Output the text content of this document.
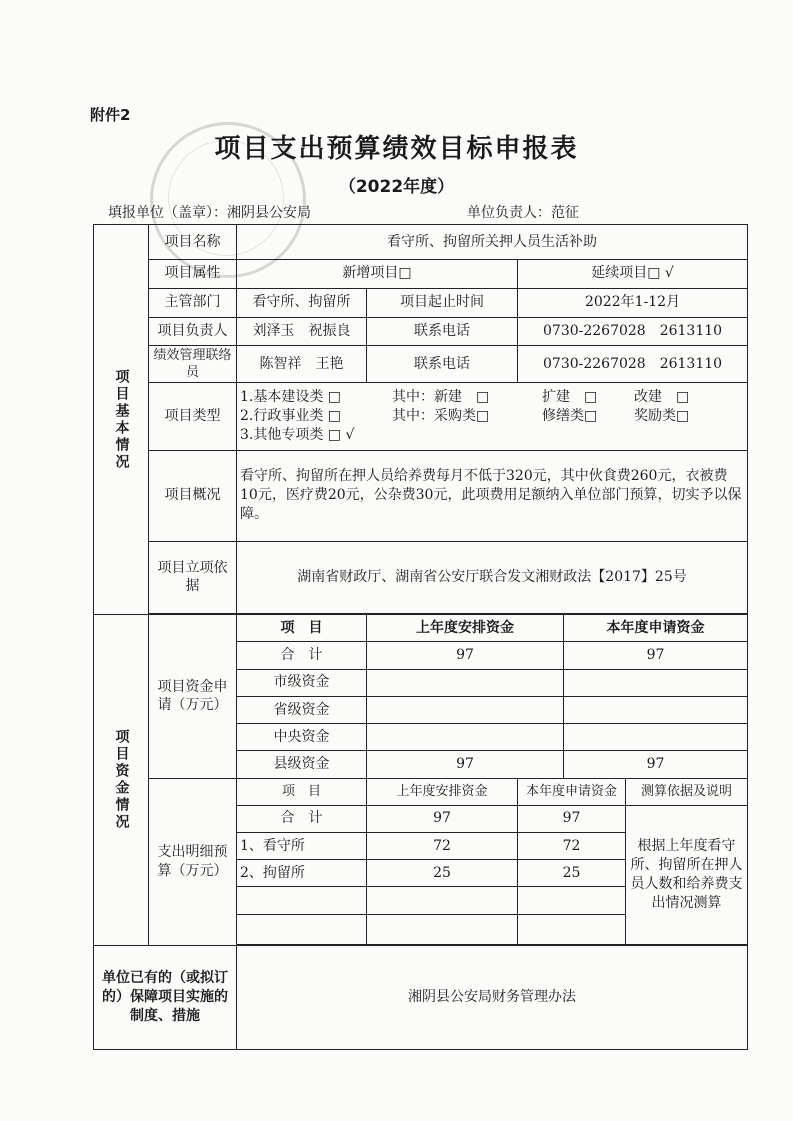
附件2
项目支出预算绩效目标申报表
（2022年度）
填报单位（盖章）：湘阴县公安局	单位负责人：范征
项目基本情况	项目名称	看守所、拘留所关押人员生活补助				
	项目属性	新增项目□		延续项目□ √		
	主管部门	看守所、拘留所	项目起止时间	2022年1-12月		
	项目负责人	刘泽玉　祝振良	联系电话	0730-2267028　2613110		
	绩效管理联络员	陈智祥　王艳	联系电话	0730-2267028　2613110		
	项目类型	1.基本建设类 □ 其中：新建　□ 扩建　□ 改建　□
2.行政事业类 □ 其中：采购类□ 修缮类□ 奖励类□
3.其他专项类 □ √				

	项目概况	看守所、拘留所在押人员给养费每月不低于320元，其中伙食费260元，衣被费10元，医疗费20元，公杂费30元，此项费用足额纳入单位部门预算，切实予以保障。				
	项目立项依据	湖南省财政厅、湖南省公安厅联合发文湘财政法【2017】25号				

项目资金情况	项目资金申请（万元）	项　目	上年度安排资金		本年度申请资金	
		合　计	97		97	
		市级资金				
		省级资金				
		中央资金				
		县级资金	97		97	
	支出明细预算（万元）	项　目	上年度安排资金	本年度申请资金		测算依据及说明
		合　计	97	97		根据上年度看守所、拘留所在押人员人数和给养费支出情况测算
		1、看守所	72	72		
		2、拘留所	25	25		

单位已有的（或拟订的）保障项目实施的制度、措施		湘阴县公安局财务管理办法				
